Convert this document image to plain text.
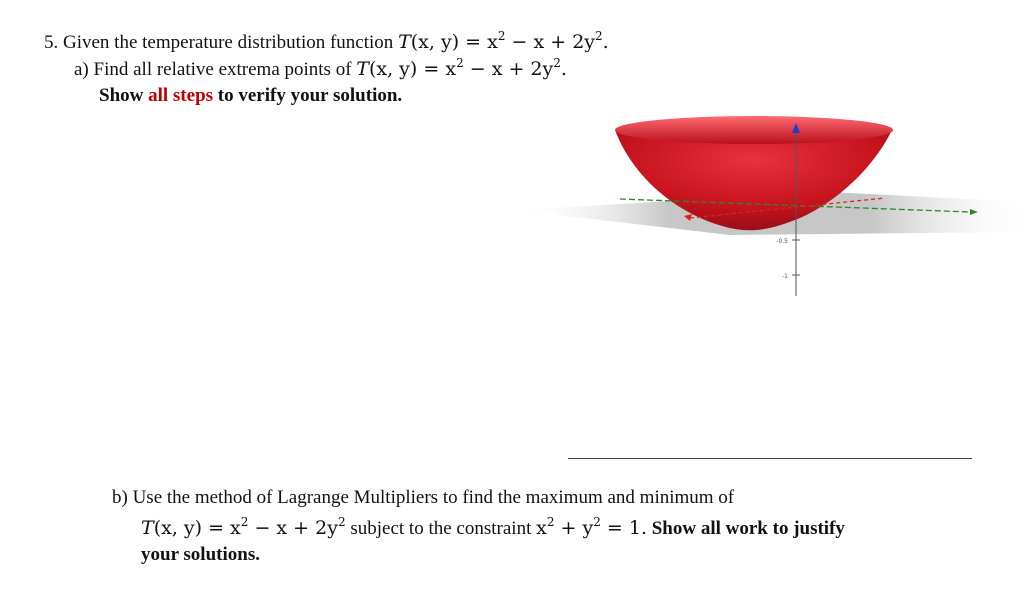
5. Given the temperature distribution function T(x, $y) = x^2 - x + 2y^2$.
a) Find all relative extrema points of T(x, $y) = x^2 - x + 2y^2$.
Show all steps to verify your solution.
-0.5
-1
b) Use the method of Lagrange Multipliers to find the maximum and minimum of
T(x, $y) = x^2 - x + 2y^2$ subject to the constraint $x^2 + y^2 = 1$. Show all work to justify
your solutions.
